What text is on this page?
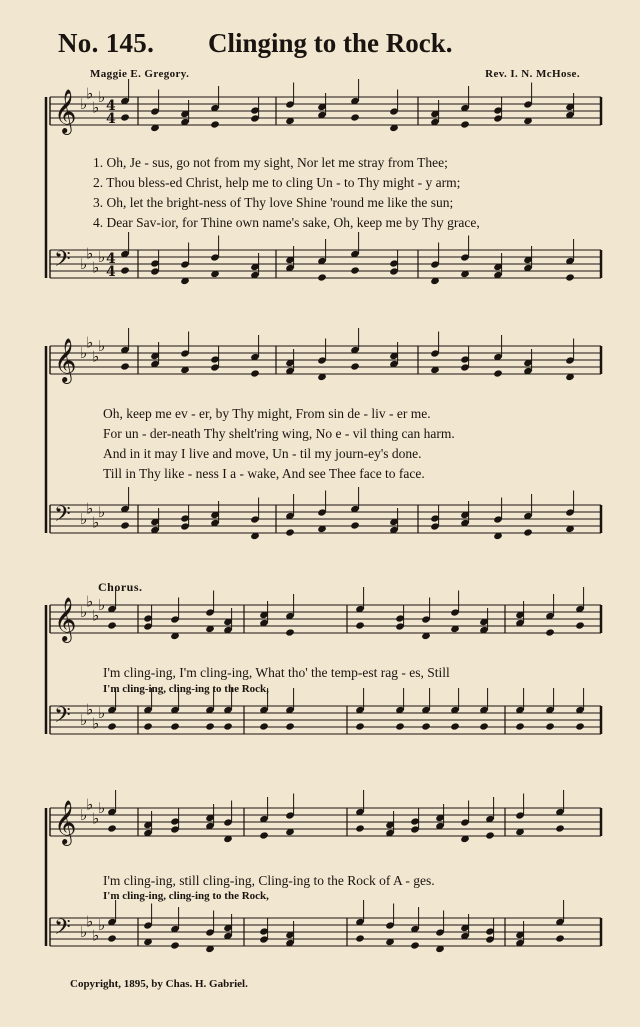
No. 145. Clinging to the Rock.
Maggie E. Gregory.	Rev. I. N. McHose.
𝄞 ♭
♭
♭
♭
𝄢 ♭
♭
♭
♭
𝄞 ♭
♭
♭
♭
𝄢 ♭
♭
♭
♭
𝄞 ♭
♭
♭
♭
𝄢 ♭
♭
♭
♭
𝄞 ♭
♭
♭
♭
𝄢 ♭
♭
♭
♭
4
4
4
4
1. Oh, Je - sus, go not from my sight, Nor let me stray from Thee;
2. Thou bless-ed Christ, help me to cling Un - to Thy might - y arm;
3. Oh, let the bright-ness of Thy love Shine 'round me like the sun;
4. Dear Sav-ior, for Thine own name's sake, Oh, keep me by Thy grace,
Oh, keep me ev - er, by Thy might, From sin de - liv - er me.
For un - der-neath Thy shelt'ring wing, No e - vil thing can harm.
And in it may I live and move, Un - til my journ-ey's done.
Till in Thy like - ness I a - wake, And see Thee face to face.
Chorus.
I'm cling-ing, I'm cling-ing, What tho' the temp-est rag - es, Still
I'm cling-ing, cling-ing to the Rock,
I'm cling-ing, still cling-ing, Cling-ing to the Rock of A - ges.
I'm cling-ing, cling-ing to the Rock,
Copyright, 1895, by Chas. H. Gabriel.
